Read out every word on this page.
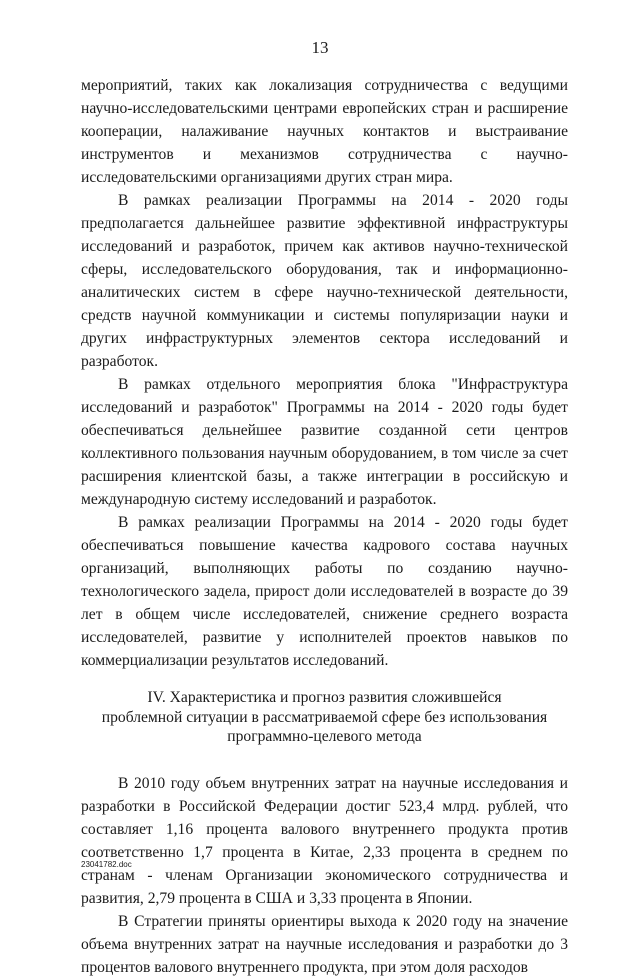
13

мероприятий, таких как локализация сотрудничества с ведущими научно-исследовательскими центрами европейских стран и расширение кооперации, налаживание научных контактов и выстраивание инструментов и механизмов сотрудничества с научно-исследовательскими организациями других стран мира.

В рамках реализации Программы на 2014 - 2020 годы предполагается дальнейшее развитие эффективной инфраструктуры исследований и разработок, причем как активов научно-технической сферы, исследовательского оборудования, так и информационно-аналитических систем в сфере научно-технической деятельности, средств научной коммуникации и системы популяризации науки и других инфраструктурных элементов сектора исследований и разработок.

В рамках отдельного мероприятия блока "Инфраструктура исследований и разработок" Программы на 2014 - 2020 годы будет обеспечиваться дельнейшее развитие созданной сети центров коллективного пользования научным оборудованием, в том числе за счет расширения клиентской базы, а также интеграции в российскую и международную систему исследований и разработок.

В рамках реализации Программы на 2014 - 2020 годы будет обеспечиваться повышение качества кадрового состава научных организаций, выполняющих работы по созданию научно-технологического задела, прирост доли исследователей в возрасте до 39 лет в общем числе исследователей, снижение среднего возраста исследователей, развитие у исполнителей проектов навыков по коммерциализации результатов исследований.

IV. Характеристика и прогноз развития сложившейся
проблемной ситуации в рассматриваемой сфере без использования
программно-целевого метода

В 2010 году объем внутренних затрат на научные исследования и разработки в Российской Федерации достиг 523,4 млрд. рублей, что составляет 1,16 процента валового внутреннего продукта против соответственно 1,7 процента в Китае, 2,33 процента в среднем по странам - членам Организации экономического сотрудничества и развития, 2,79 процента в США и 3,33 процента в Японии.

В Стратегии приняты ориентиры выхода к 2020 году на значение объема внутренних затрат на научные исследования и разработки до 3 процентов валового внутреннего продукта, при этом доля расходов

23041782.doc
